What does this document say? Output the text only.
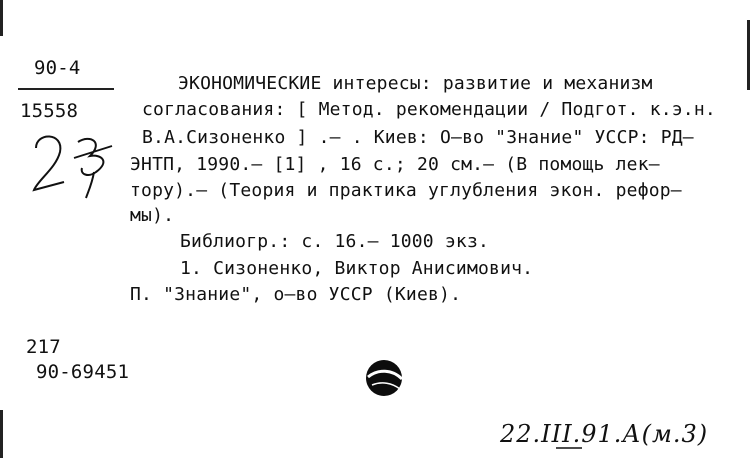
90-4
15558
ЭКОНОМИЧЕСКИЕ интересы: развитие и механизм
согласования: [ Метод. рекомендации / Подгот. к.э.н.
В.А.Сизоненко ] .– . Киев: О–во "Знание" УССР: РД–
ЭНТП, 1990.– [1] , 16 с.; 20 см.– (В помощь лек–
тору).– (Теория и практика углубления экон. рефор–
мы).
Библиогр.: с. 16.– 1000 экз.
1. Сизоненко, Виктор Анисимович.
П. "Знание", о–во УССР (Киев).
217
90-69451
22.III.91.А(м.3)
